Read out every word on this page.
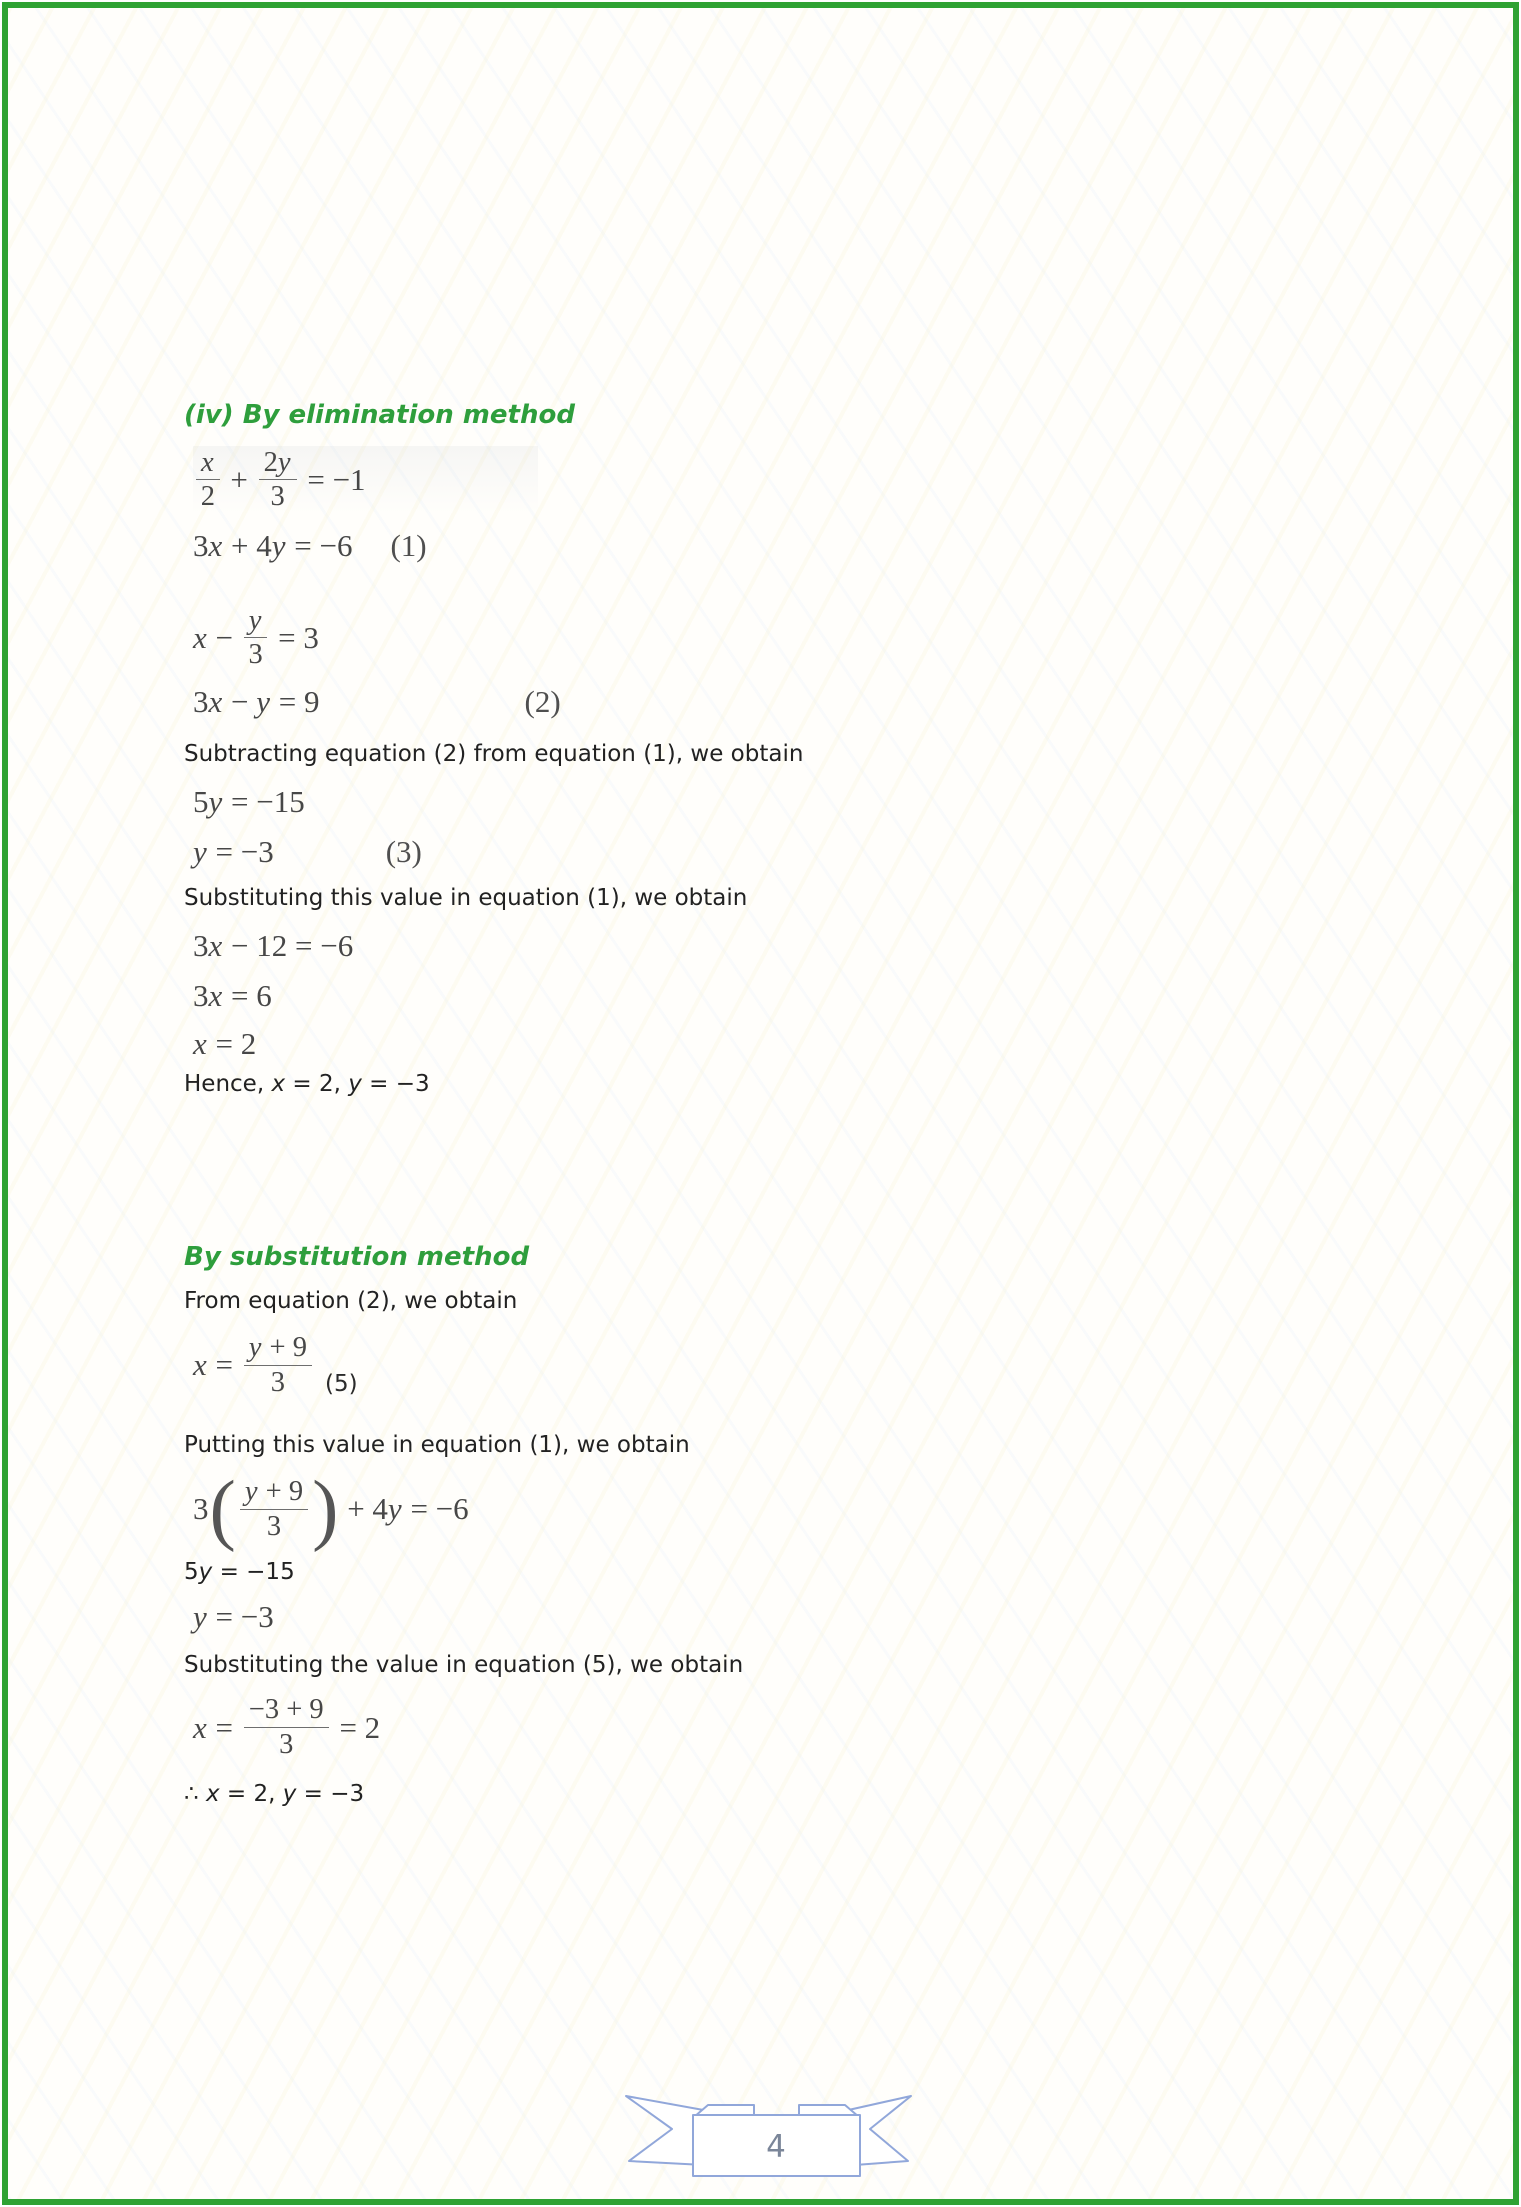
(iv) By elimination method
$\frac{x}{2} + \frac{2y}{3} = -1$
3x + 4y = −6 (1)
$x - \frac{y}{3} = 3$
3x − y = 9	(2)
Subtracting equation (2) from equation (1), we obtain
5y = −15
y = −3	(3)
Substituting this value in equation (1), we obtain
3x − 12 = −6
3x = 6
x = 2
Hence, x = 2, y = −3
By substitution method
From equation (2), we obtain
$x = \frac{y + 9}{3} (5)$
Putting this value in equation (1), we obtain
3 ( $\frac{y + 9}{3}$ ) + 4y = −6
5y = −15
y = −3
Substituting the value in equation (5), we obtain
$x = \frac{-3 + 9}{3} = 2$
∴ x = 2, y = −3
4
